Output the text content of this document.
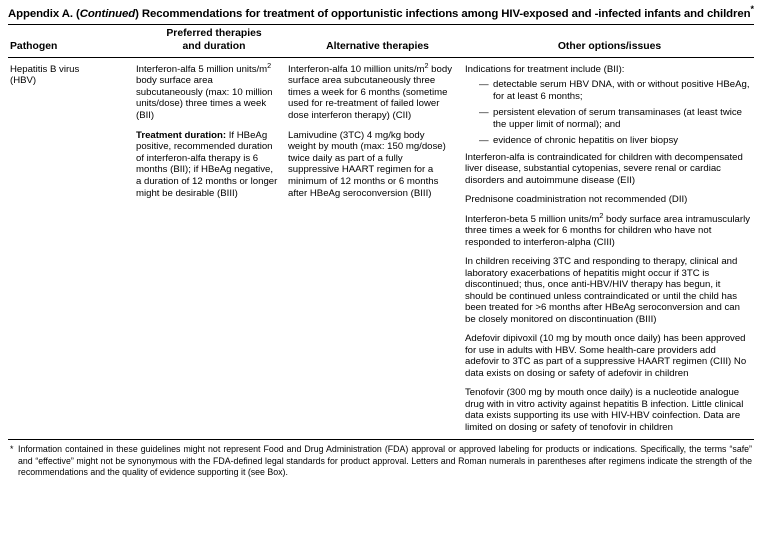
Appendix A. (Continued) Recommendations for treatment of opportunistic infections among HIV-exposed and -infected infants and children*
Pathogen
Preferred therapies
and duration	Alternative therapies	Other options/issues
Hepatitis B virus
(HBV)

Interferon-alfa 5 million units/$m^2$ body surface area subcutaneously (max: 10 million units/dose) three times a week (BII)

Treatment duration: If HBeAg positive, recommended duration of interferon-alfa therapy is 6 months (BII); if HBeAg negative, a duration of 12 months or longer might be desirable (BIII)

Interferon-alfa 10 million units/$m^2$ body surface area subcutaneously three times a week for 6 months (sometime used for re-treatment of failed lower dose interferon therapy) (CII)

Lamivudine (3TC) 4 mg/kg body weight by mouth (max: 150 mg/dose) twice daily as part of a fully suppressive HAART regimen for a minimum of 12 months or 6 months after HBeAg seroconversion (BIII)

Indications for treatment include (BII):

— detectable serum HBV DNA, with or without positive HBeAg, for at least 6 months;
— persistent elevation of serum transaminases (at least twice the upper limit of normal); and
— evidence of chronic hepatitis on liver biopsy

Interferon-alfa is contraindicated for children with decompensated liver disease, substantial cytopenias, severe renal or cardiac disorders and autoimmune disease (EII)

Prednisone coadministration not recommended (DII)

Interferon-beta 5 million units/$m^2$ body surface area intramuscularly three times a week for 6 months for children who have not responded to interferon-alpha (CIII)

In children receiving 3TC and responding to therapy, clinical and laboratory exacerbations of hepatitis might occur if 3TC is discontinued; thus, once anti-HBV/HIV therapy has begun, it should be continued unless contraindicated or until the child has been treated for >6 months after HBeAg seroconversion and can be closely monitored on discontinuation (BIII)

Adefovir dipivoxil (10 mg by mouth once daily) has been approved for use in adults with HBV. Some health-care providers add adefovir to 3TC as part of a suppressive HAART regimen (CIII) No data exists on dosing or safety of adefovir in children

Tenofovir (300 mg by mouth once daily) is a nucleotide analogue drug with in vitro activity against hepatitis B infection. Little clinical data exists supporting its use with HIV-HBV coinfection. Data are limited on dosing or safety of tenofovir in children

* Information contained in these guidelines might not represent Food and Drug Administration (FDA) approval or approved labeling for products or indications. Specifically, the terms “safe” and “effective” might not be synonymous with the FDA-defined legal standards for product approval. Letters and Roman numerals in parentheses after regimens indicate the strength of the recommendations and the quality of evidence supporting it (see Box).
